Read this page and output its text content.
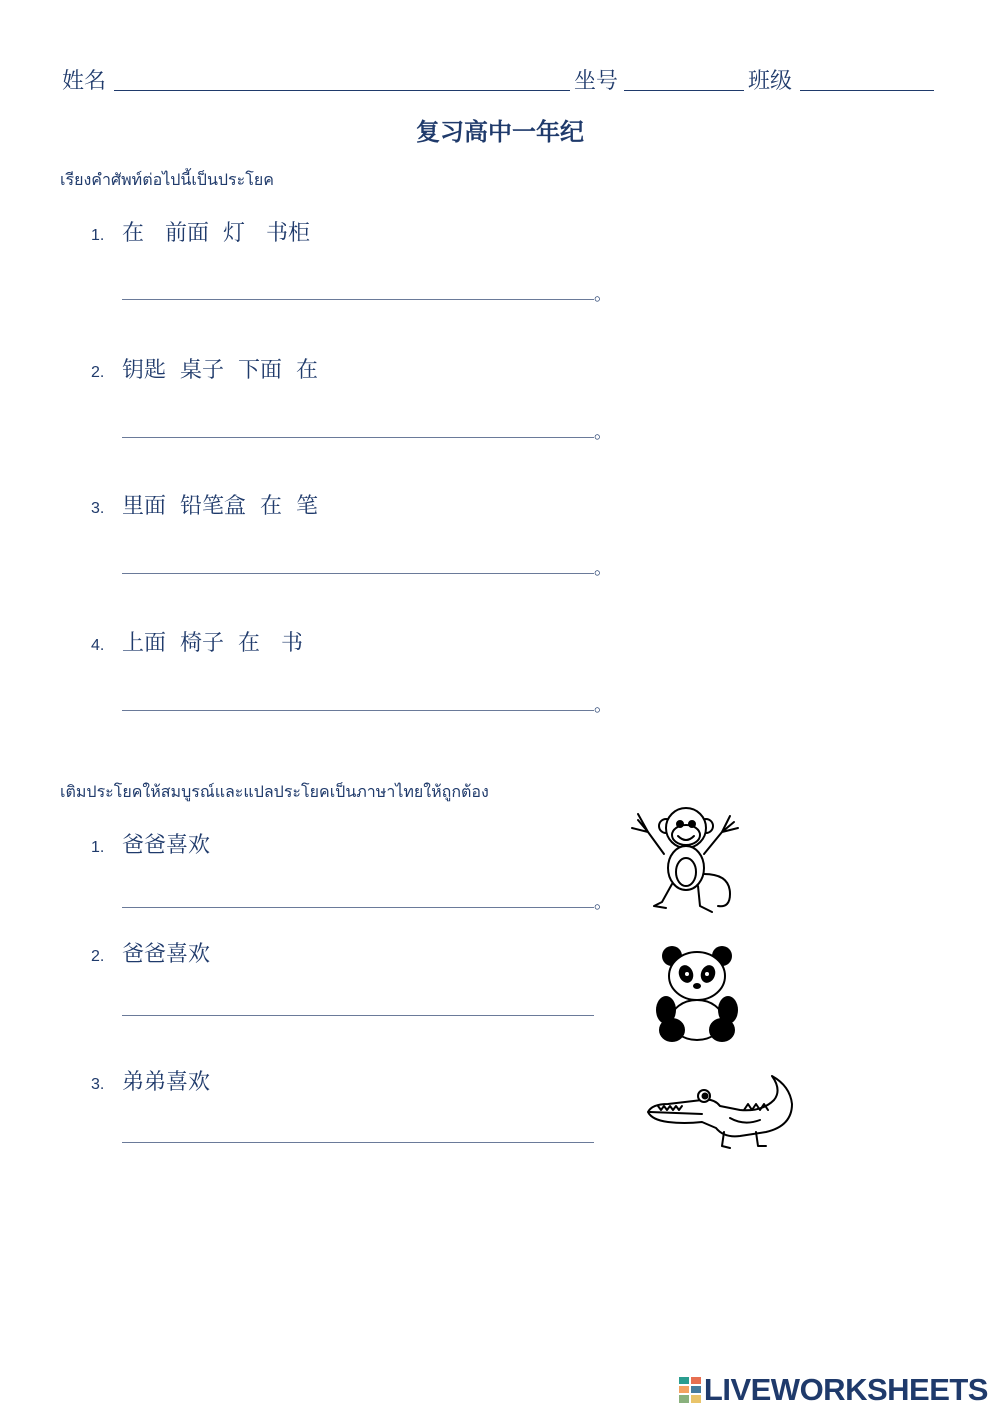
姓名	坐号	班级
复习高中一年纪
เรียงคำศัพท์ต่อไปนี้เป็นประโยค
1. 在   前面  灯   书柜
。
2. 钥匙  桌子  下面  在
。
3. 里面  铅笔盒  在  笔
。
4. 上面  椅子  在   书
。
เติมประโยคให้สมบูรณ์และแปลประโยคเป็นภาษาไทยให้ถูกต้อง
1. 爸爸喜欢
。
2. 爸爸喜欢
3. 弟弟喜欢
LIVEWORKSHEETS
